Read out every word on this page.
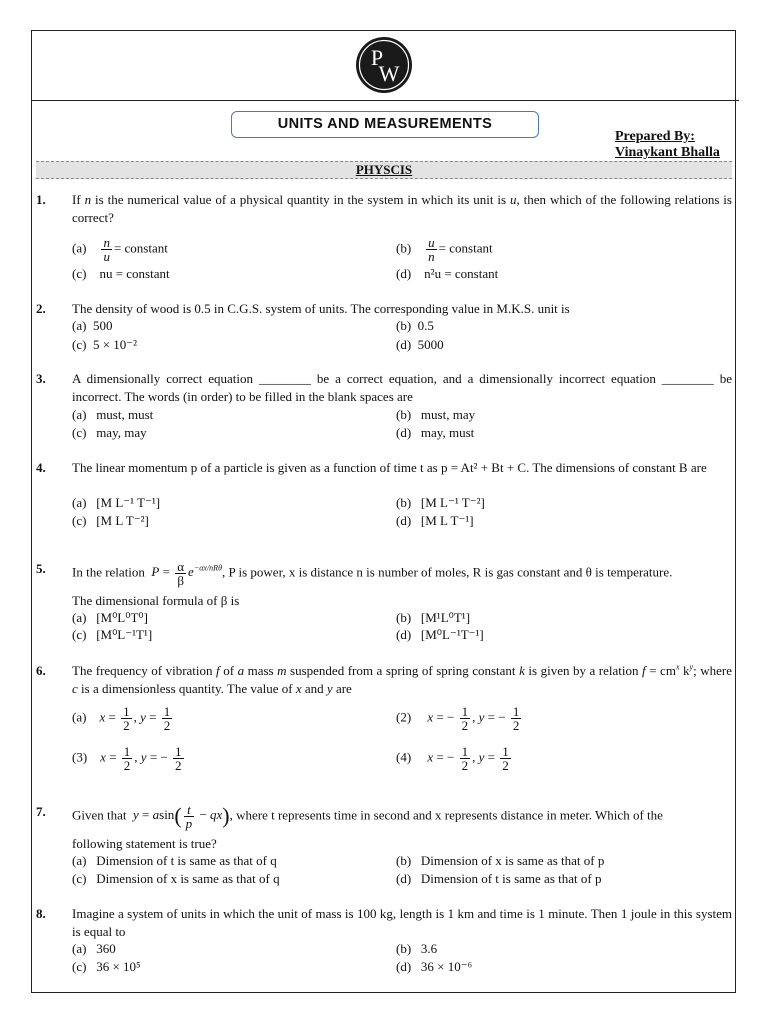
P
W
UNITS AND MEASUREMENTS
Prepared By:
Vinaykant Bhalla
PHYSCIS
1. If n is the numerical value of a physical quantity in the system in which its unit is u, then which of the following relations is correct?
$(a) \frac{n}{u}$ = constant	$(b) \frac{u}{n}$ = constant
(c) nu = constant	(d) n²u = constant
2. The density of wood is 0.5 in C.G.S. system of units. The corresponding value in M.K.S. unit is
(a) 500	(b) 0.5
(c) 5 × 10⁻²	(d) 5000
3. A dimensionally correct equation ________ be a correct equation, and a dimensionally incorrect equation ________ be incorrect. The words (in order) to be filled in the blank spaces are
(a) must, must	(b) must, may
(c) may, may	(d) may, must
4. The linear momentum p of a particle is given as a function of time t as p = At² + Bt + C. The dimensions of constant B are
(a) [M L⁻¹ T⁻¹]	(b) [M L⁻¹ T⁻²]
(c) [M L T⁻²]	(d) [M L T⁻¹]
5. In the relation $P = \frac{\alpha}{\beta} e^{-\alpha x/nR\theta}$, P is power, x is distance n is number of moles, R is gas constant and θ is temperature.
The dimensional formula of β is
(a) [M⁰L⁰T⁰]	(b) [M¹L⁰T¹]
(c) [M⁰L⁻¹T¹]	(d) [M⁰L⁻¹T⁻¹]
6. The frequency of vibration f of a mass m suspended from a spring of spring constant k is given by a relation $f = cm^x$ $k^y$; where c is a dimensionless quantity. The value of x and y are
(a) $x = \frac{1}{2}$ , $y = \frac{1}{2}$	(2) x = − $\frac{1}{2}$ , y = − $\frac{1}{2}$
(3) $x = \frac{1}{2}$ , y = − $\frac{1}{2}$	(4) x = − $\frac{1}{2}$ , $y = \frac{1}{2}$
7. Given that $y = asin( \frac{t}{p} - qx)$, where t represents time in second and x represents distance in meter. Which of the
following statement is true?
(a) Dimension of t is same as that of q	(b) Dimension of x is same as that of p
(c) Dimension of x is same as that of q	(d) Dimension of t is same as that of p
8. Imagine a system of units in which the unit of mass is 100 kg, length is 1 km and time is 1 minute. Then 1 joule in this system is equal to
(a) 360	(b) 3.6
(c) 36 × 10⁵	(d) 36 × 10⁻⁶
